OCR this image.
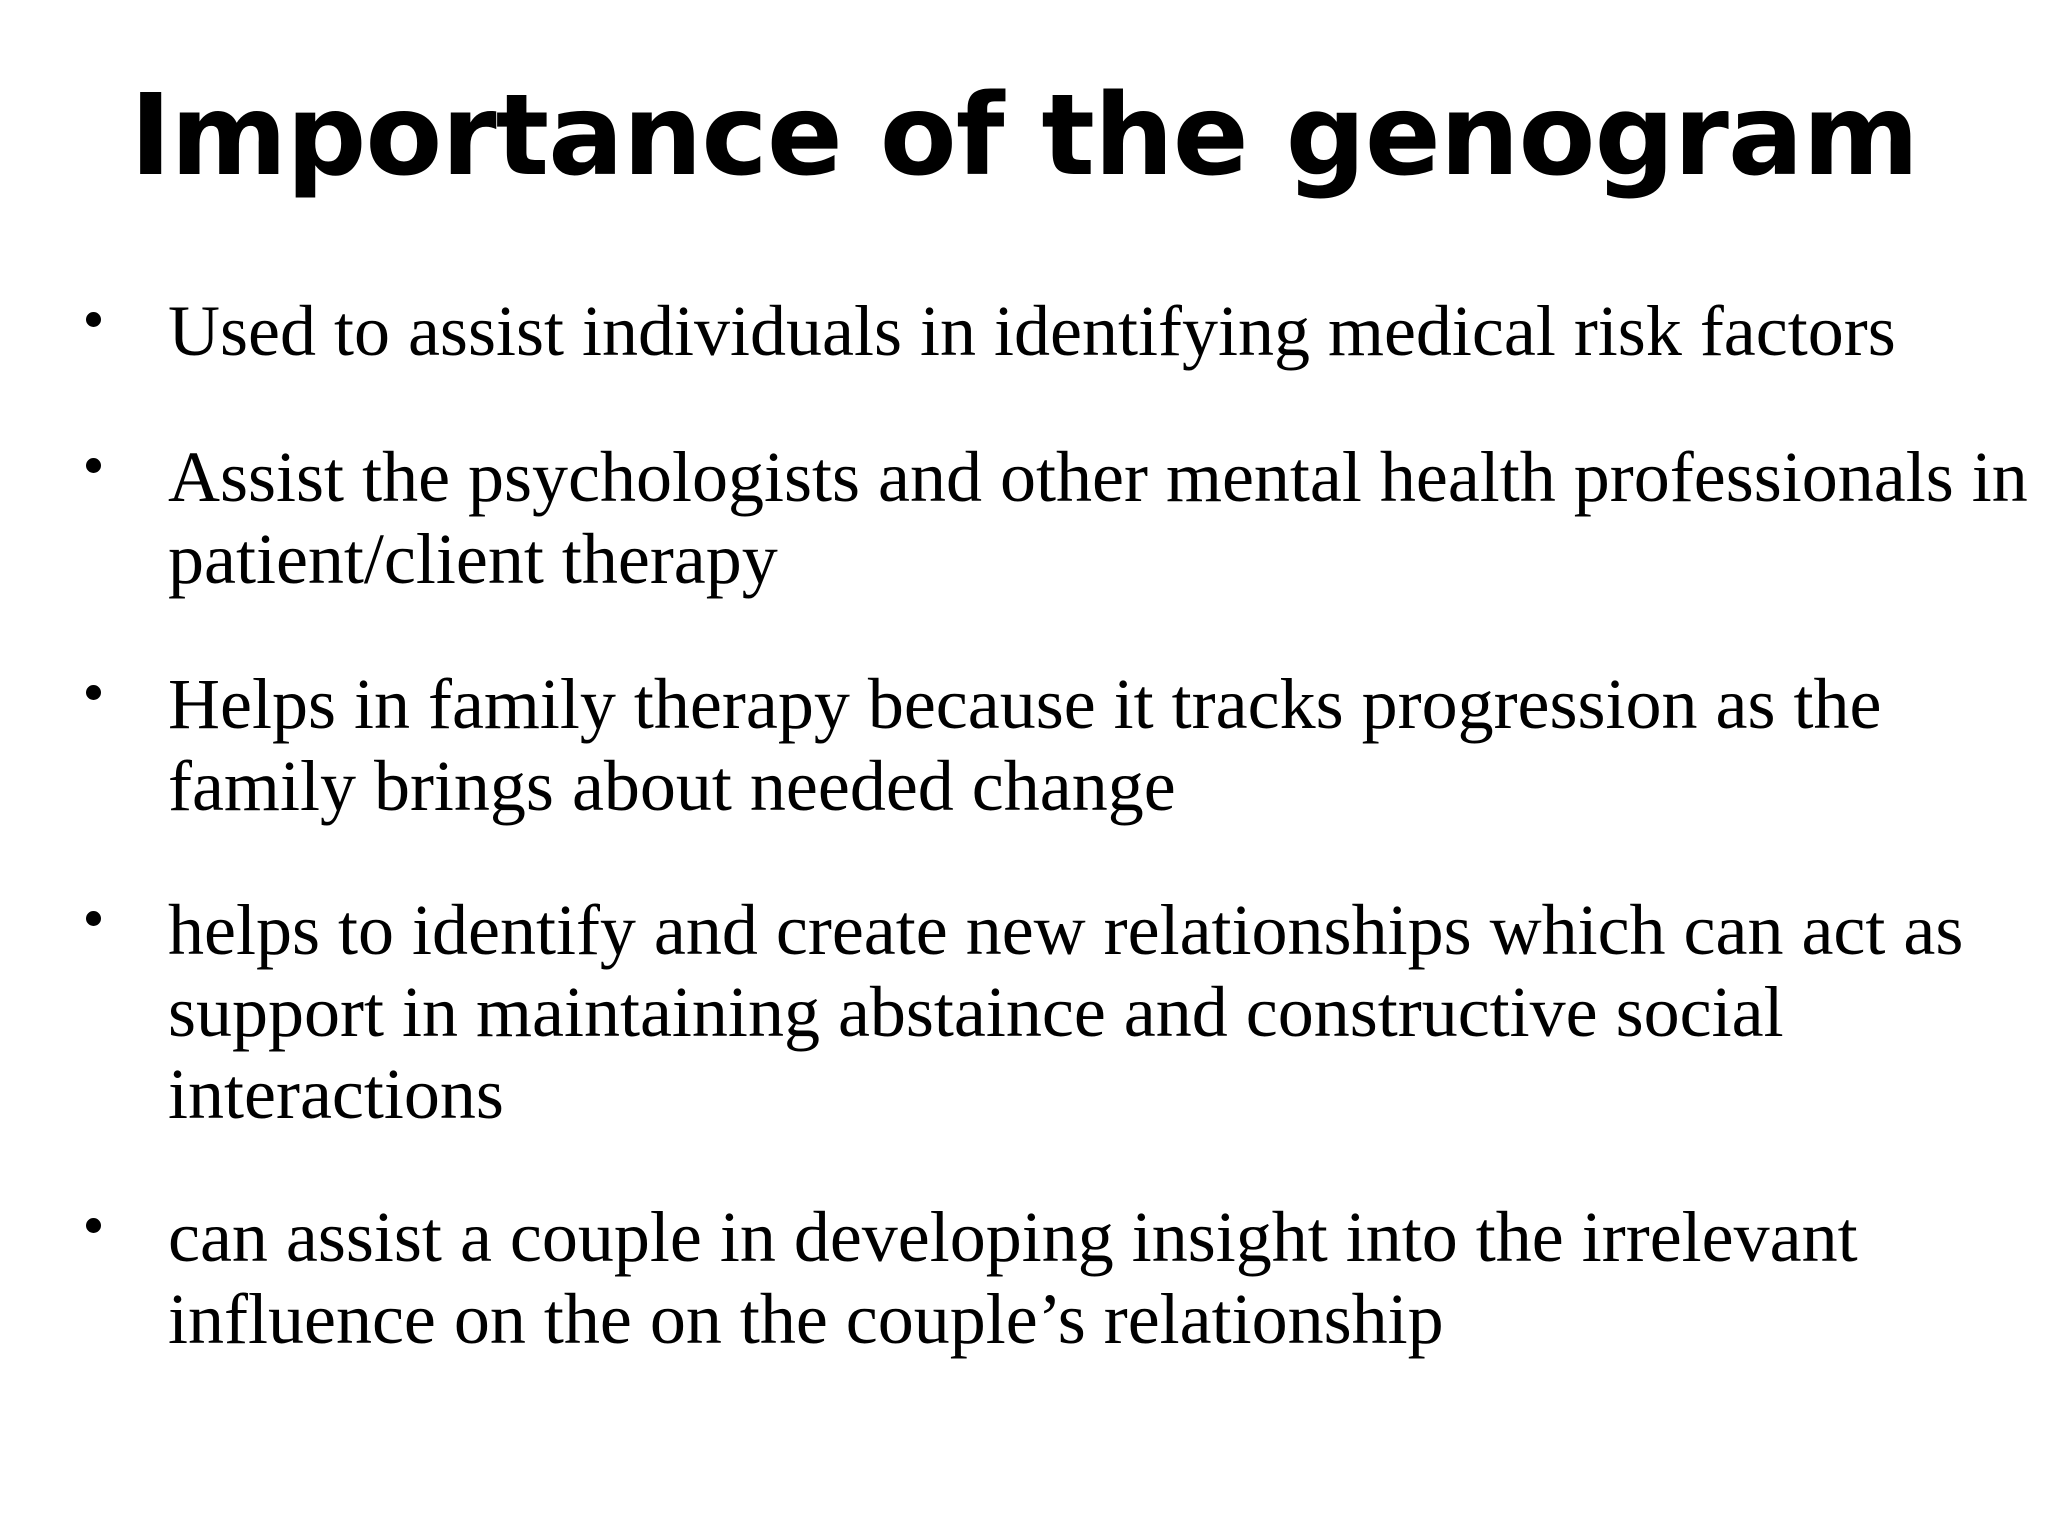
Importance of the genogram
Used to assist individuals in identifying medical risk factors
Assist the psychologists and other mental health professionals in
patient/client therapy
Helps in family therapy because it tracks progression as the
family brings about needed change
helps to identify and create new relationships which can act as
support in maintaining abstaince and constructive social
interactions
can assist a couple in developing insight into the irrelevant
influence on the on the couple’s relationship
